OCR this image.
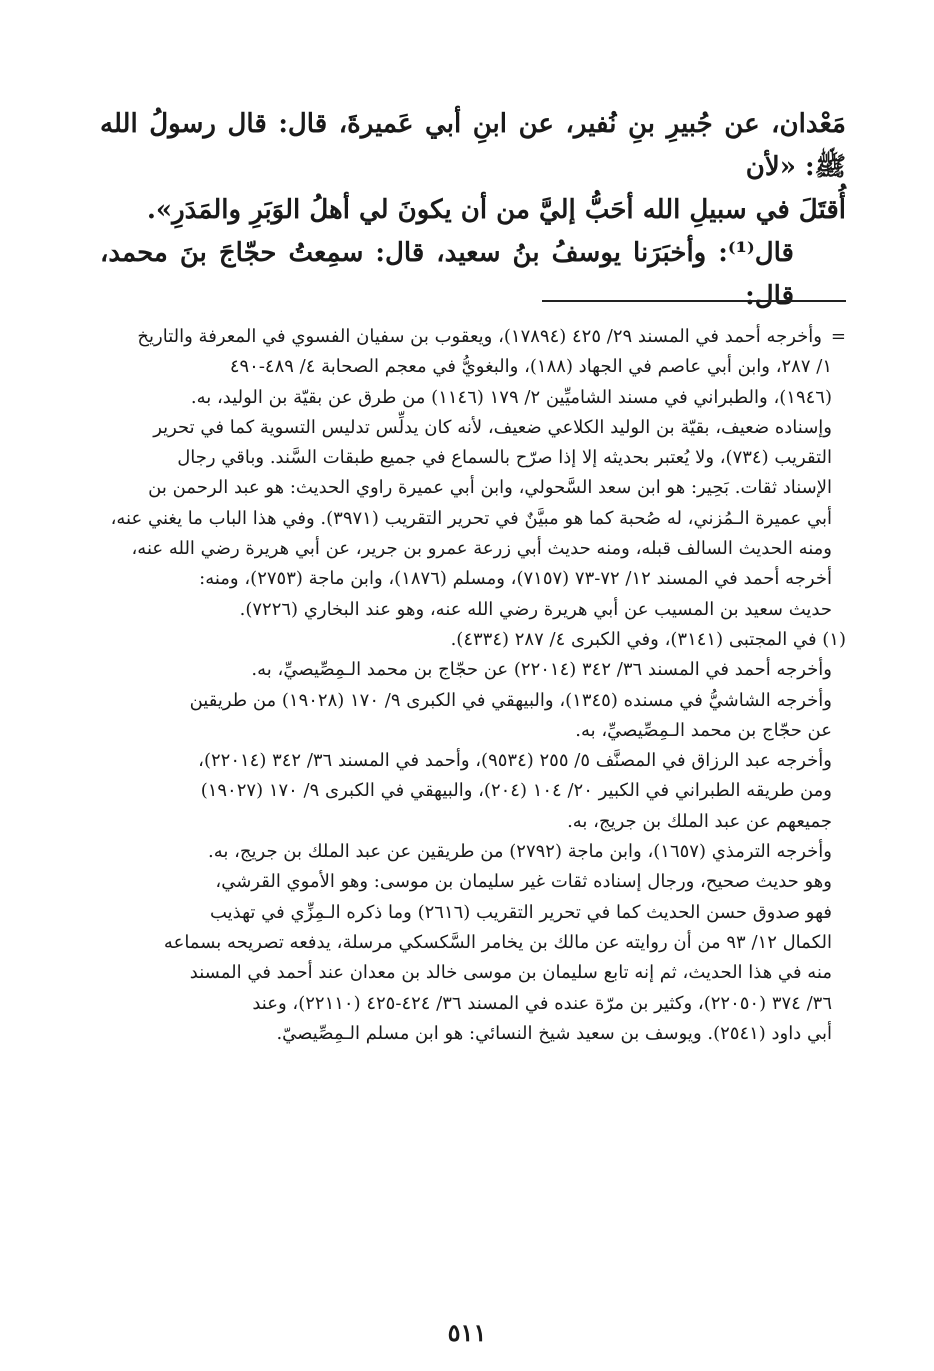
مَعْدان، عن جُبيرِ بنِ نُفير، عن ابنِ أبي عَميرةَ، قال: قال رسولُ الله ﷺ: «لأن

أُقتَلَ في سبيلِ الله أحَبُّ إليَّ من أن يكونَ لي أهلُ الوَبَرِ والمَدَرِ».

قال⁽¹⁾: وأخبَرَنا يوسفُ بنُ سعيد، قال: سمِعتُ حجّاجَ بنَ محمد، قال:

=وأخرجه أحمد في المسند ٢٩/ ٤٢٥ (١٧٨٩٤)، ويعقوب بن سفيان الفسوي في المعرفة والتاريخ

١/ ٢٨٧، وابن أبي عاصم في الجهاد (١٨٨)، والبغويُّ في معجم الصحابة ٤/ ٤٨٩-٤٩٠

(١٩٤٦)، والطبراني في مسند الشاميِّين ٢/ ١٧٩ (١١٤٦) من طرق عن بقيّة بن الوليد، به.

وإسناده ضعيف، بقيّة بن الوليد الكلاعي ضعيف، لأنه كان يدلِّس تدليس التسوية كما في تحرير

التقريب (٧٣٤)، ولا يُعتبر بحديثه إلا إذا صرّح بالسماع في جميع طبقات السَّند. وباقي رجال

الإسناد ثقات. بَحِير: هو ابن سعد السَّحولي، وابن أبي عميرة راوي الحديث: هو عبد الرحمن بن

أبي عميرة الـمُزني، له صُحبة كما هو مبيَّنٌ في تحرير التقريب (٣٩٧١). وفي هذا الباب ما يغني عنه،

ومنه الحديث السالف قبله، ومنه حديث أبي زرعة عمرو بن جرير، عن أبي هريرة رضي الله عنه،

أخرجه أحمد في المسند ١٢/ ٧٢-٧٣ (٧١٥٧)، ومسلم (١٨٧٦)، وابن ماجة (٢٧٥٣)، ومنه:

حديث سعيد بن المسيب عن أبي هريرة رضي الله عنه، وهو عند البخاري (٧٢٢٦).

(١) في المجتبى (٣١٤١)، وفي الكبرى ٤/ ٢٨٧ (٤٣٣٤).

وأخرجه أحمد في المسند ٣٦/ ٣٤٢ (٢٢٠١٤) عن حجّاج بن محمد الـمِصِّيصيِّ، به.

وأخرجه الشاشيُّ في مسنده (١٣٤٥)، والبيهقي في الكبرى ٩/ ١٧٠ (١٩٠٢٨) من طريقين

عن حجّاج بن محمد الـمِصِّيصيِّ، به.

وأخرجه عبد الرزاق في المصنَّف ٥/ ٢٥٥ (٩٥٣٤)، وأحمد في المسند ٣٦/ ٣٤٢ (٢٢٠١٤)،

ومن طريقه الطبراني في الكبير ٢٠/ ١٠٤ (٢٠٤)، والبيهقي في الكبرى ٩/ ١٧٠ (١٩٠٢٧)

جميعهم عن عبد الملك بن جريج، به.

وأخرجه الترمذي (١٦٥٧)، وابن ماجة (٢٧٩٢) من طريقين عن عبد الملك بن جريج، به.

وهو حديث صحيح، ورجال إسناده ثقات غير سليمان بن موسى: وهو الأموي القرشي،

فهو صدوق حسن الحديث كما في تحرير التقريب (٢٦١٦) وما ذكره الـمِزِّي في تهذيب

الكمال ١٢/ ٩٣ من أن روايته عن مالك بن يخامر السَّكسكي مرسلة، يدفعه تصريحه بسماعه

منه في هذا الحديث، ثم إنه تابع سليمان بن موسى خالد بن معدان عند أحمد في المسند

٣٦/ ٣٧٤ (٢٢٠٥٠)، وكثير بن مرّة عنده في المسند ٣٦/ ٤٢٤-٤٢٥ (٢٢١١٠)، وعند

أبي داود (٢٥٤١). ويوسف بن سعيد شيخ النسائي: هو ابن مسلم الـمِصِّيصيّ.

٥١١
